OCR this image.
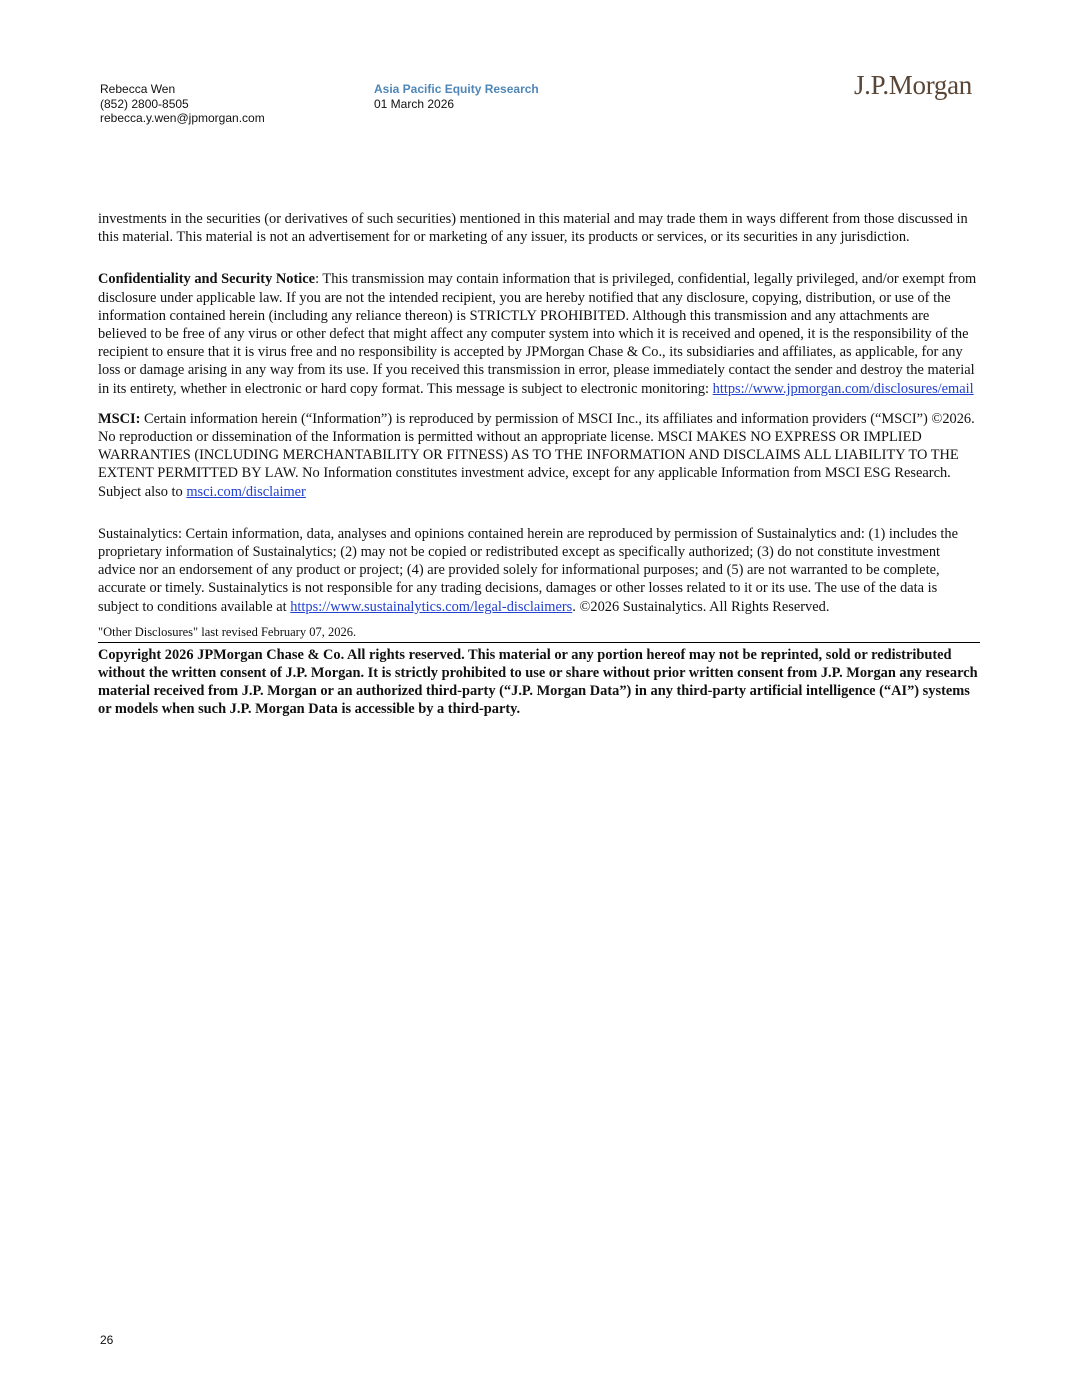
Rebecca Wen
(852) 2800-8505
rebecca.y.wen@jpmorgan.com
Asia Pacific Equity Research
01 March 2026
J.P.Morgan

investments in the securities (or derivatives of such securities) mentioned in this material and may trade them in ways different from those discussed in this material. This material is not an advertisement for or marketing of any issuer, its products or services, or its securities in any jurisdiction.

Confidentiality and Security Notice: This transmission may contain information that is privileged, confidential, legally privileged, and/or exempt from disclosure under applicable law. If you are not the intended recipient, you are hereby notified that any disclosure, copying, distribution, or use of the information contained herein (including any reliance thereon) is STRICTLY PROHIBITED. Although this transmission and any attachments are believed to be free of any virus or other defect that might affect any computer system into which it is received and opened, it is the responsibility of the recipient to ensure that it is virus free and no responsibility is accepted by JPMorgan Chase & Co., its subsidiaries and affiliates, as applicable, for any loss or damage arising in any way from its use. If you received this transmission in error, please immediately contact the sender and destroy the material in its entirety, whether in electronic or hard copy format. This message is subject to electronic monitoring: https://www.jpmorgan.com/disclosures/email

MSCI: Certain information herein (“Information”) is reproduced by permission of MSCI Inc., its affiliates and information providers (“MSCI”) ©2026. No reproduction or dissemination of the Information is permitted without an appropriate license. MSCI MAKES NO EXPRESS OR IMPLIED WARRANTIES (INCLUDING MERCHANTABILITY OR FITNESS) AS TO THE INFORMATION AND DISCLAIMS ALL LIABILITY TO THE EXTENT PERMITTED BY LAW. No Information constitutes investment advice, except for any applicable Information from MSCI ESG Research. Subject also to msci.com/disclaimer

Sustainalytics: Certain information, data, analyses and opinions contained herein are reproduced by permission of Sustainalytics and: (1) includes the proprietary information of Sustainalytics; (2) may not be copied or redistributed except as specifically authorized; (3) do not constitute investment advice nor an endorsement of any product or project; (4) are provided solely for informational purposes; and (5) are not warranted to be complete, accurate or timely. Sustainalytics is not responsible for any trading decisions, damages or other losses related to it or its use. The use of the data is subject to conditions available at https://www.sustainalytics.com/legal-disclaimers. ©2026 Sustainalytics. All Rights Reserved.

"Other Disclosures" last revised February 07, 2026.

Copyright 2026 JPMorgan Chase & Co. All rights reserved. This material or any portion hereof may not be reprinted, sold or redistributed without the written consent of J.P. Morgan. It is strictly prohibited to use or share without prior written consent from J.P. Morgan any research material received from J.P. Morgan or an authorized third-party (“J.P. Morgan Data”) in any third-party artificial intelligence (“AI”) systems or models when such J.P. Morgan Data is accessible by a third-party.

26
